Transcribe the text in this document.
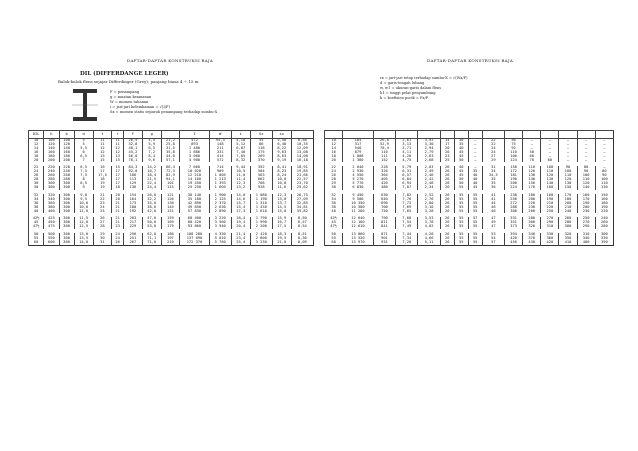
DAFTAR-DAFTAR KONSTRUKSI BAJA
DIL (DIFFERDANGE LEGER)
Balok-balok flens sejajar Differdinger (Grey); panjang biasa 4 ÷ 15 m
F = penampang
g = muatan keamanan
W = momen tahanan
i = jari-jari kelembaman = √(I/F)
Sx = momen statis separuh penampang terhadap sumbu-X
DIL	h	b	d	t	r	F	g		I	W	i	Sx	sx	
10	100	100	5	11	11	26,9	4,5	21,2	472	94,3	4,18	55	5,50	8,58
12	120	120	5	11	11	32,8	5,9	25,8	893	148	5,12	86	6,48	10,35
14	140	140	5,5	12	12	40,1	6,5	31,5	1 480	211	6,07	118	8,22	12,09
16	160	160	6	12	12	45,2	7,2	35,8	1 886	331	7,40	175	9,63	13,08
18	180	180	6,5	13	13	56,0	8,4	44,0	3 060	414	7,65	269	8,63	14,08
20	200	200	7	15	15	76,1	9,6	57,1	4 900	572	8,32	370	9,19	16,18

22	220	220	6,5	16	15	84,3	14,2	66,4	7 660	714	9,44	392	8,41	18,91
24	240	240	7,5	17	17	92,0	16,7	72,3	10 020	909	10,5	504	8,23	19,85
26	260	260	7,5	17,5	17	106	18,4	82,9	12 210	1 005	11,0	563	8,24	21,66
28	280	280	8	18	17	113	21,5	94,1	14 160	1 213	11,4	662	10,0	22,57
30	300	300	8,5	19	17	129	22,4	101	19 450	1 393	12,3	768	10,8	23,70
30	300	300	9	19	18	136	24,4	115	25 250	1 605	13,2	928	11,6	25,62

32	320	300	9,0	21	20	154	26,0	121	30 140	1 900	14,0	1 080	12,3	26,75
34	340	300	9,5	22	20	164	32,2	126	35 180	2 125	14,6	1 190	13,0	27,09
36	360	300	10,0	23	21	173	35,0	136	42 890	2 370	15,7	1 310	13,7	32,85
38	380	300	10,0	24	21	180	38,6	145	49 850	2 630	15,4	1 430	14,5	34,81
40	400	300	11,0	25	21	192	42,0	151	57 830	2 890	17,3	1 610	15,0	35,82

42½	425	300	11,5	26	21	203	47,0	159	68 400	3 220	18,4	1 790	15,9	8,50
45	450	300	12,0	27	21	217	50,0	169	80 420	3 560	19,4	1 990	16,7	8,57
47½	475	300	12,5	28	23	229	53,0	179	93 860	3 940	20,4	2 200	17,5	8,54

50	500	300	13,0	29	24	256	62,0	186	108 280	4 330	21,4	2 420	18,3	8,51
55	550	300	13,5	30	24	251	71,1	197	137 090	5 010	23,4	2 800	19,5	8,30
60	600	300	14,0	31	26	267	71,0	210	172 370	5 760	25,4	3 230	21,0	8,09
DAFTAR-DAFTAR KONSTRUKSI BAJA
rx = jari-jari tetap terhadap sumbu-X = √(Wx/F)
d = garis-tengah lubang
w, w1 = ukuran-garis dalam flens
h1 = tinggi pelat penyambung
k = koefisien pocik = Fx/F

10	184	26,8	2,61	3,92	14	30	—	22	56	—	—	—	—	—
12	317	52,9	3,13	3,30	17	35	—	22	75	—	—	—	—	—
14	540	78,4	3,71	2,94	20	40	—	24	92	—	—	—	—	—
16	879	110	4,11	2,79	20	45	—	24	110	50	—	—	—	—
18	1 008	111	4,20	2,63	23	45	—	27	106	60	—	—	—	—
20	1 360	152	4,75	2,68	25	50	—	29	124	70	60	—	—	—

22	2 040	228	5,79	2,03	26	40	—	31	158	110	100	90	80	—
24	2 930	326	6,31	2,49	26	45	35	34	172	120	110	100	90	80
26	4 550	364	6,57	2,46	26	45	40	34,5	181	130	120	110	100	90
28	5 270	405	6,84	2,42	26	50	40	35	190	140	130	120	110	100
29	5 770	420	6,94	2,48	28	50	40	35	200	150	140	130	120	110
30	6 830	480	7,07	2,34	26	55	45	36	224	170	160	150	140	130

32	9 450	630	7,82	2,52	26	55	55	41	238	180	160	170	160	150
34	9 500	640	7,76	2,76	26	55	55	41	256	200	190	180	170	160
36	10 350	690	7,73	2,80	26	55	55	44	272	220	210	200	190	180
38	10 500	700	7,69	3,10	26	55	55	46	288	230	220	210	200	190
40	11 260	750	7,65	3,28	26	55	55	46	306	260	250	240	230	220

42½	12 040	790	7,60	3,53	26	55	57	47	331	280	270	260	250	240
45	12 160	811	7,54	3,78	26	55	55	49	351	300	290	280	270	260
47½	12 610	841	7,49	4,02	26	55	55	47	373	320	310	300	290	280

50	13 060	871	7,44	4,28	26	55	55	53	394	340	330	320	310	300
55	13 520	901	7,34	4,66	26	55	55	54	420	370	360	350	340	330
60	13 970	931	7,20	5,11	26	55	55	57	456	430	420	410	400	390
